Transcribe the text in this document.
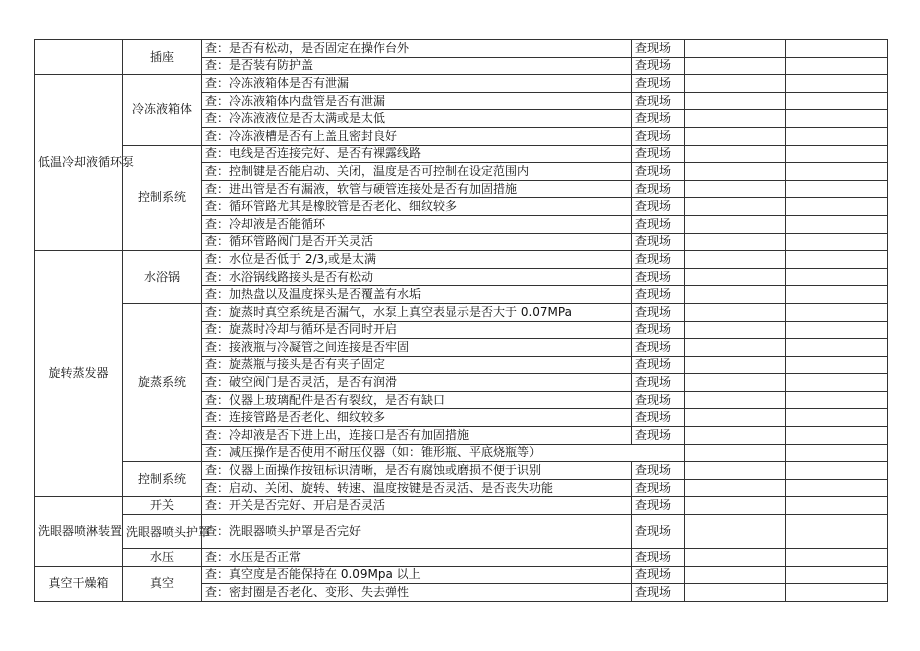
	插座	查：是否有松动，是否固定在操作台外	查现场		
		查：是否装有防护盖	查现场		
低温冷却液循环泵	冷冻液箱体	查：冷冻液箱体是否有泄漏	查现场		
		查：冷冻液箱体内盘管是否有泄漏	查现场		
		查：冷冻液液位是否太满或是太低	查现场		
		查：冷冻液槽是否有上盖且密封良好	查现场		
	控制系统	查：电线是否连接完好、是否有裸露线路	查现场		
		查：控制键是否能启动、关闭，温度是否可控制在设定范围内	查现场		
		查：进出管是否有漏液，软管与硬管连接处是否有加固措施	查现场		
		查：循环管路尤其是橡胶管是否老化、细纹较多	查现场		
		查：冷却液是否能循环	查现场		
		查：循环管路阀门是否开关灵活	查现场		
旋转蒸发器	水浴锅	查：水位是否低于 2/3,或是太满	查现场		
		查：水浴锅线路接头是否有松动	查现场		
		查：加热盘以及温度探头是否覆盖有水垢	查现场		
	旋蒸系统	查：旋蒸时真空系统是否漏气，水泵上真空表显示是否大于 0.07MPa	查现场		
		查：旋蒸时冷却与循环是否同时开启	查现场		
		查：接液瓶与冷凝管之间连接是否牢固	查现场		
		查：旋蒸瓶与接头是否有夹子固定	查现场		
		查：破空阀门是否灵活，是否有润滑	查现场		
		查：仪器上玻璃配件是否有裂纹，是否有缺口	查现场		
		查：连接管路是否老化、细纹较多	查现场		
		查：冷却液是否下进上出，连接口是否有加固措施	查现场		
		查：减压操作是否使用不耐压仪器（如：锥形瓶、平底烧瓶等）			
	控制系统	查：仪器上面操作按钮标识清晰，是否有腐蚀或磨损不便于识别	查现场		
		查：启动、关闭、旋转、转速、温度按键是否灵活、是否丧失功能	查现场		
洗眼器喷淋装置	开关	查：开关是否完好、开启是否灵活	查现场		
	洗眼器喷头护罩	查：洗眼器喷头护罩是否完好	查现场		

	水压	查：水压是否正常	查现场		
真空干燥箱	真空	查：真空度是否能保持在 0.09Mpa 以上	查现场		
		查：密封圈是否老化、变形、失去弹性	查现场		
